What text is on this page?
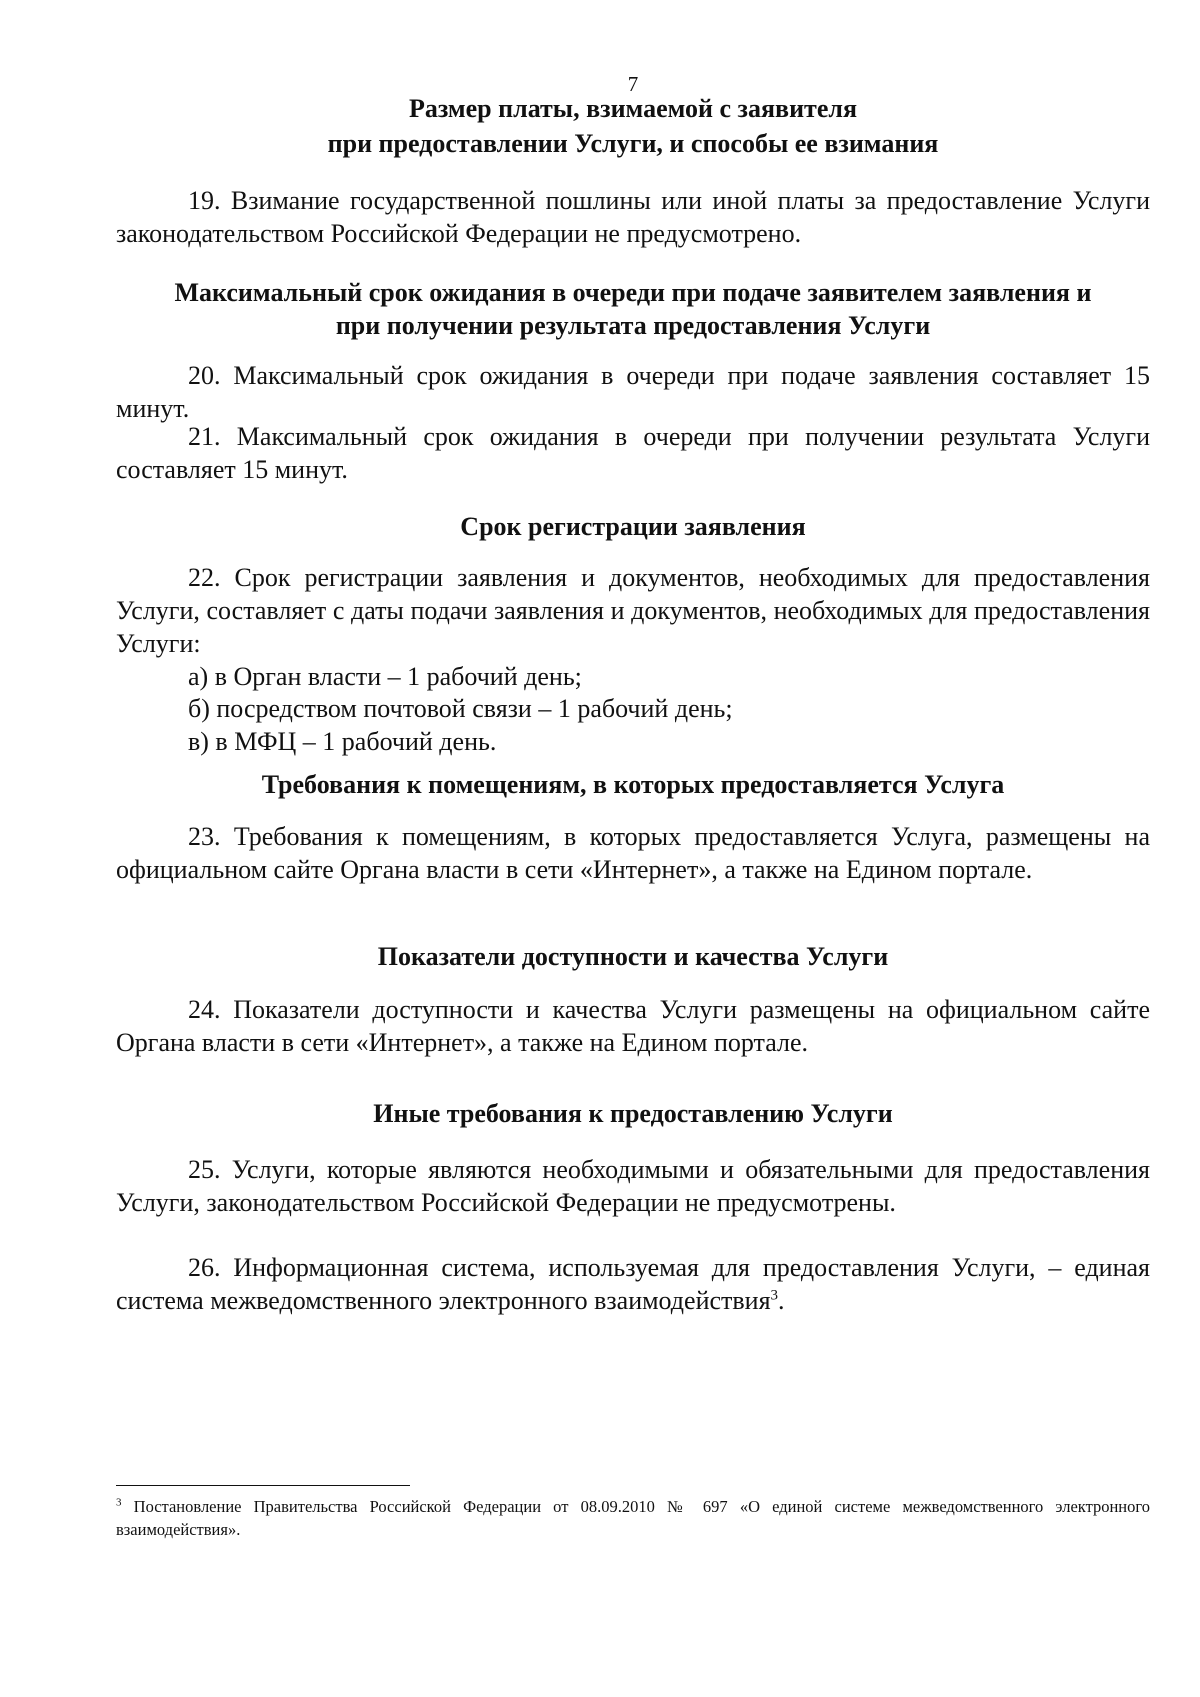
7

Размер платы, взимаемой с заявителя

при предоставлении Услуги, и способы ее взимания

19. Взимание государственной пошлины или иной платы за предоставление Услуги законодательством Российской Федерации не предусмотрено.

Максимальный срок ожидания в очереди при подаче заявителем заявления и

при получении результата предоставления Услуги

20. Максимальный срок ожидания в очереди при подаче заявления составляет 15 минут.

21. Максимальный срок ожидания в очереди при получении результата Услуги составляет 15 минут.

Срок регистрации заявления

22. Срок регистрации заявления и документов, необходимых для предоставления Услуги, составляет с даты подачи заявления и документов, необходимых для предоставления Услуги:

а) в Орган власти – 1 рабочий день;

б) посредством почтовой связи – 1 рабочий день;

в) в МФЦ – 1 рабочий день.

Требования к помещениям, в которых предоставляется Услуга

23. Требования к помещениям, в которых предоставляется Услуга, размещены на официальном сайте Органа власти в сети «Интернет», а также на Едином портале.

Показатели доступности и качества Услуги

24. Показатели доступности и качества Услуги размещены на официальном сайте Органа власти в сети «Интернет», а также на Едином портале.

Иные требования к предоставлению Услуги

25. Услуги, которые являются необходимыми и обязательными для предоставления Услуги, законодательством Российской Федерации не предусмотрены.

26. Информационная система, используемая для предоставления Услуги, – единая система межведомственного электронного взаимодействия$^3$.

$^3$ Постановление Правительства Российской Федерации от 08.09.2010 № 697 «О единой системе межведомственного электронного взаимодействия».
